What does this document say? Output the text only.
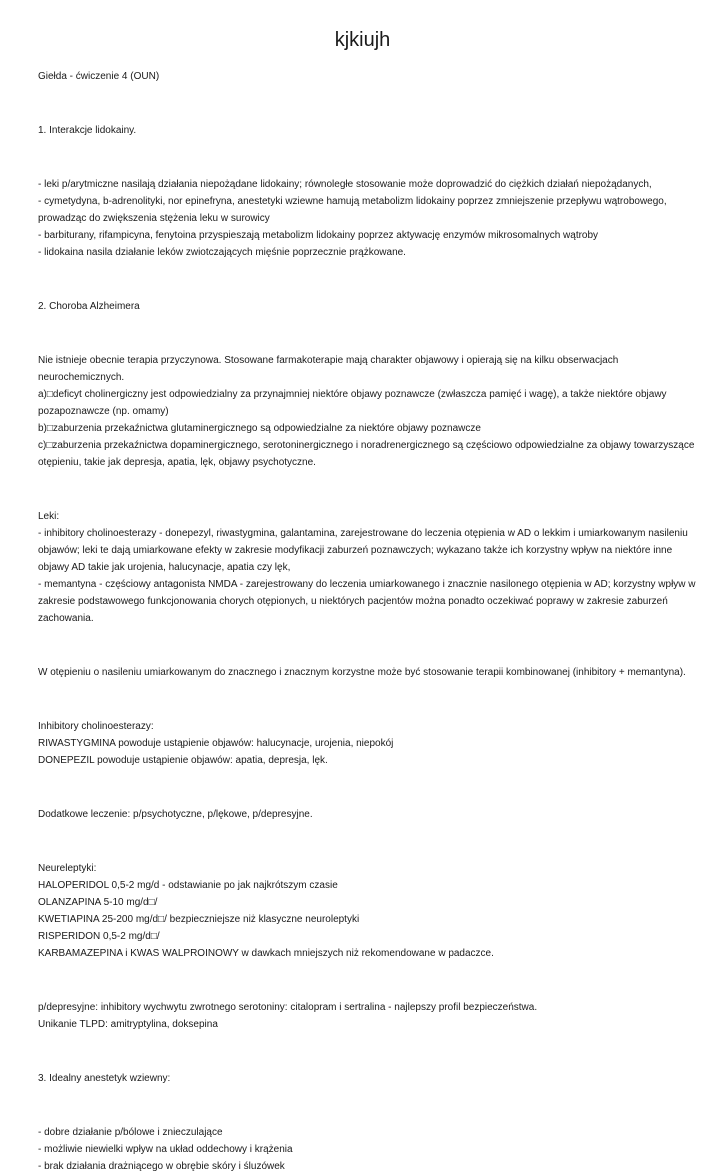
kjkiujh

Giełda - ćwiczenie 4 (OUN)

1. Interakcje lidokainy.

- leki p/arytmiczne nasilają działania niepożądane lidokainy; równoległe stosowanie może doprowadzić do ciężkich działań niepożądanych,

- cymetydyna, b-adrenolityki, nor epinefryna, anestetyki wziewne hamują metabolizm lidokainy poprzez zmniejszenie przepływu wątrobowego,

prowadząc do zwiększenia stężenia leku w surowicy

- barbiturany, rifampicyna, fenytoina przyspieszają metabolizm lidokainy poprzez aktywację enzymów mikrosomalnych wątroby

- lidokaina nasila działanie leków zwiotczających mięśnie poprzecznie prążkowane.

2. Choroba Alzheimera

Nie istnieje obecnie terapia przyczynowa. Stosowane farmakoterapie mają charakter objawowy i opierają się na kilku obserwacjach

neurochemicznych.

a)□deficyt cholinergiczny jest odpowiedzialny za przynajmniej niektóre objawy poznawcze (zwłaszcza pamięć i wagę), a także niektóre objawy

pozapoznawcze (np. omamy)

b)□zaburzenia przekaźnictwa glutaminergicznego są odpowiedzialne za niektóre objawy poznawcze

c)□zaburzenia przekaźnictwa dopaminergicznego, serotoninergicznego i noradrenergicznego są częściowo odpowiedzialne za objawy towarzyszące

otępieniu, takie jak depresja, apatia, lęk, objawy psychotyczne.

Leki:

- inhibitory cholinoesterazy - donepezyl, riwastygmina, galantamina, zarejestrowane do leczenia otępienia w AD o lekkim i umiarkowanym nasileniu

objawów; leki te dają umiarkowane efekty w zakresie modyfikacji zaburzeń poznawczych; wykazano także ich korzystny wpływ na niektóre inne

objawy AD takie jak urojenia, halucynacje, apatia czy lęk,

- memantyna - częściowy antagonista NMDA - zarejestrowany do leczenia umiarkowanego i znacznie nasilonego otępienia w AD; korzystny wpływ w

zakresie podstawowego funkcjonowania chorych otępionych, u niektórych pacjentów można ponadto oczekiwać poprawy w zakresie zaburzeń

zachowania.

W otępieniu o nasileniu umiarkowanym do znacznego i znacznym korzystne może być stosowanie terapii kombinowanej (inhibitory + memantyna).

Inhibitory cholinoesterazy:

RIWASTYGMINA powoduje ustąpienie objawów: halucynacje, urojenia, niepokój

DONEPEZIL powoduje ustąpienie objawów: apatia, depresja, lęk.

Dodatkowe leczenie: p/psychotyczne, p/lękowe, p/depresyjne.

Neureleptyki:

HALOPERIDOL 0,5-2 mg/d - odstawianie po jak najkrótszym czasie

OLANZAPINA 5-10 mg/d□/

KWETIAPINA 25-200 mg/d□/ bezpieczniejsze niż klasyczne neuroleptyki

RISPERIDON 0,5-2 mg/d□/

KARBAMAZEPINA i KWAS WALPROINOWY w dawkach mniejszych niż rekomendowane w padaczce.

p/depresyjne: inhibitory wychwytu zwrotnego serotoniny: citalopram i sertralina - najlepszy profil bezpieczeństwa.

Unikanie TLPD: amitryptylina, doksepina

3. Idealny anestetyk wziewny:

- dobre działanie p/bólowe i znieczulające

- możliwie niewielki wpływ na układ oddechowy i krążenia

- brak działania drażniącego w obrębie skóry i śluzówek
